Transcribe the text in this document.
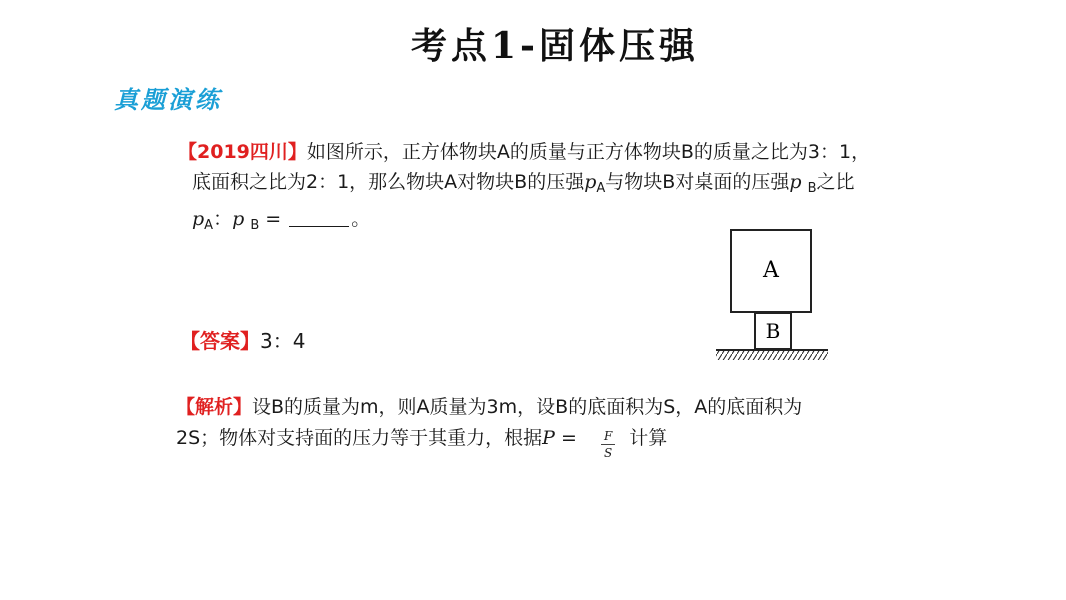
考点1-固体压强
真题演练
【2019四川】如图所示，正方体物块A的质量与正方体物块B的质量之比为3：1，
底面积之比为2：1，那么物块A对物块B的压强$p_A$与物块B对桌面的压强p $_B$之比
$p_A$：p $_B$ =	。
【答案】3：4
【解析】设B的质量为m，则A质量为3m，设B的底面积为S，A的底面积为
2S；物体对支持面的压力等于其重力，根据$P = \frac{F}{S}$ 计算
A
B
